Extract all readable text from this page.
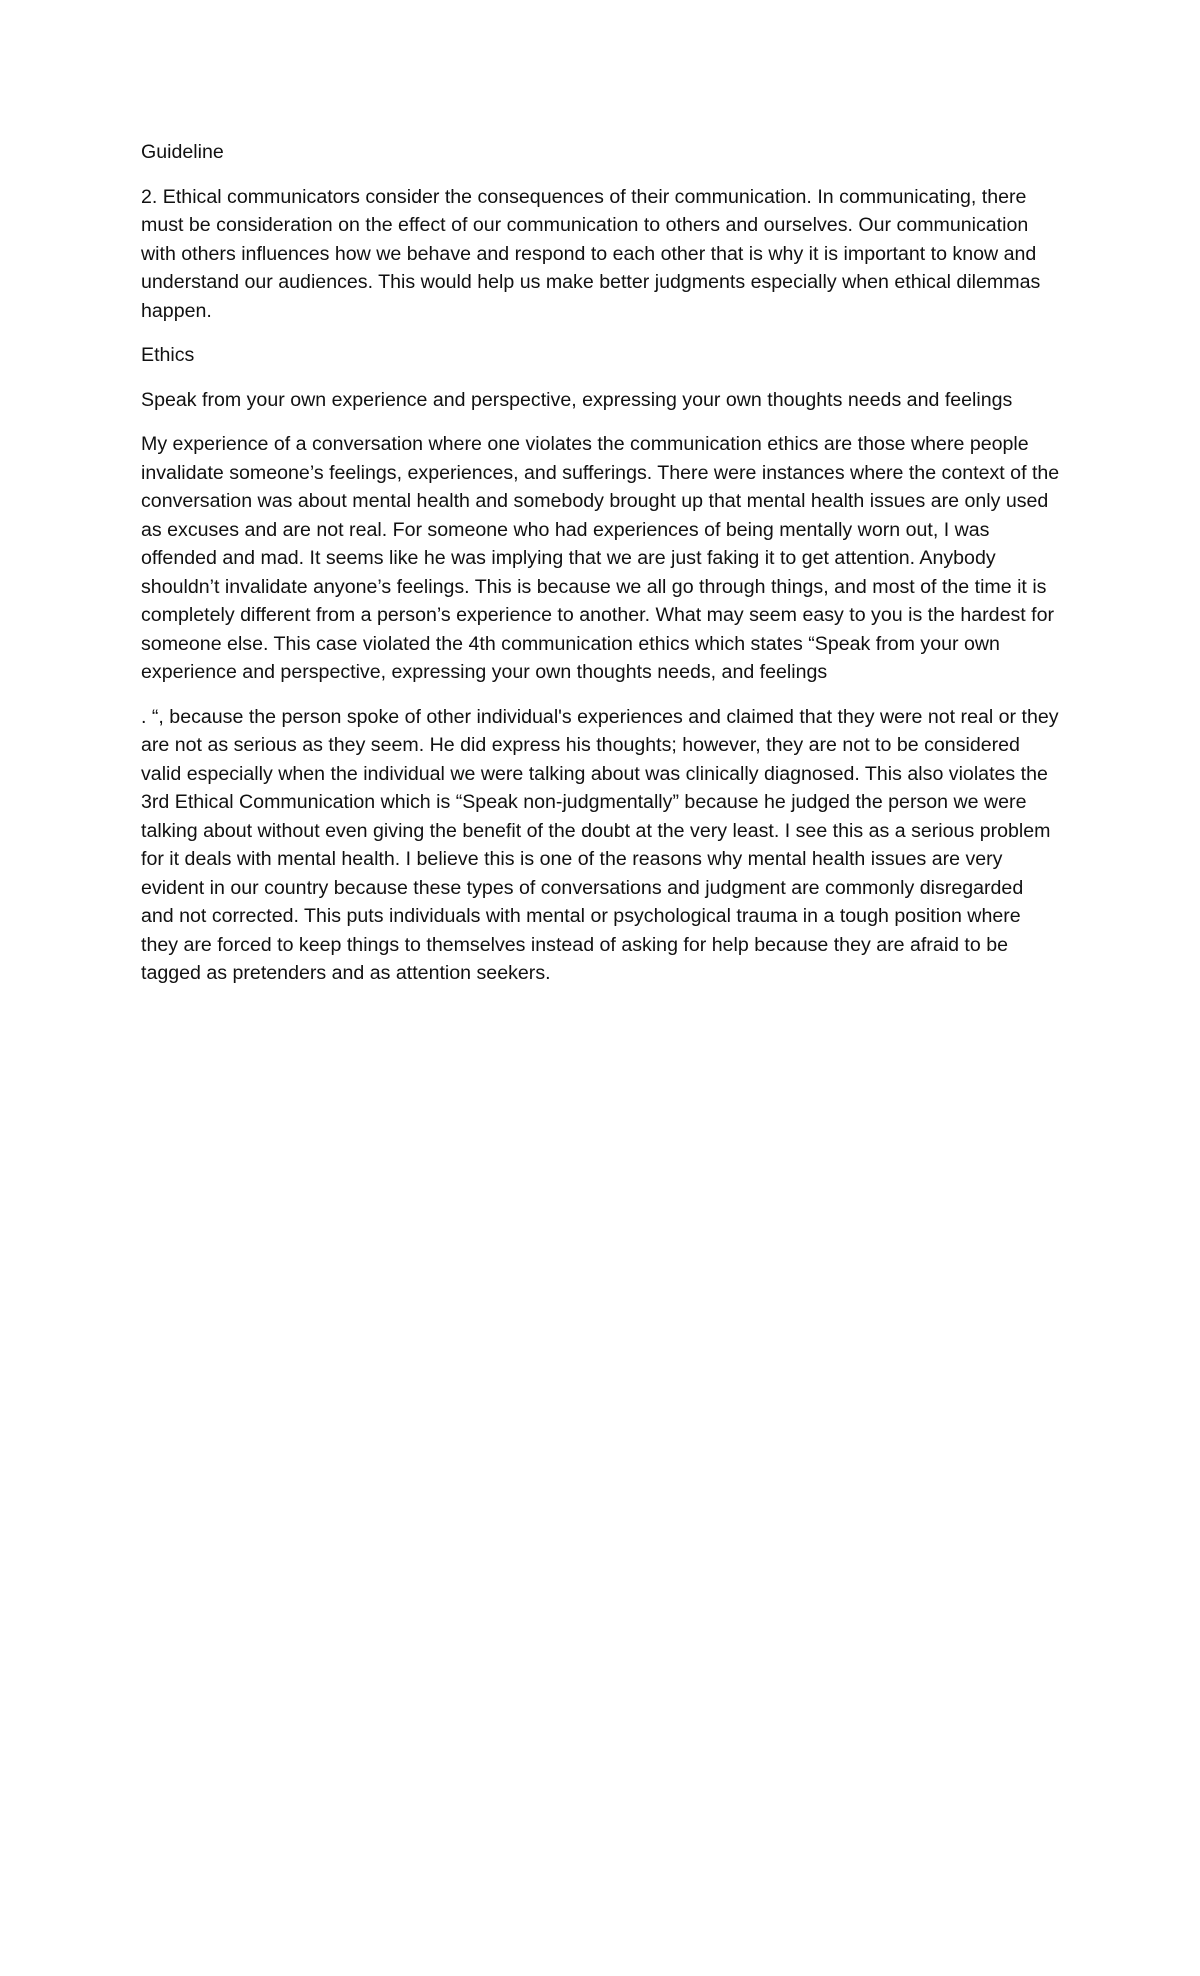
Guideline

2. Ethical communicators consider the consequences of their communication. In communicating, there must be consideration on the effect of our communication to others and ourselves. Our communication with others influences how we behave and respond to each other that is why it is important to know and understand our audiences. This would help us make better judgments especially when ethical dilemmas happen.

Ethics

Speak from your own experience and perspective, expressing your own thoughts needs and feelings

My experience of a conversation where one violates the communication ethics are those where people invalidate someone’s feelings, experiences, and sufferings. There were instances where the context of the conversation was about mental health and somebody brought up that mental health issues are only used as excuses and are not real. For someone who had experiences of being mentally worn out, I was offended and mad. It seems like he was implying that we are just faking it to get attention. Anybody shouldn’t invalidate anyone’s feelings. This is because we all go through things, and most of the time it is completely different from a person’s experience to another. What may seem easy to you is the hardest for someone else. This case violated the 4th communication ethics which states “Speak from your own experience and perspective, expressing your own thoughts needs, and feelings

. “, because the person spoke of other individual's experiences and claimed that they were not real or they are not as serious as they seem. He did express his thoughts; however, they are not to be considered valid especially when the individual we were talking about was clinically diagnosed. This also violates the 3rd Ethical Communication which is “Speak non-judgmentally” because he judged the person we were talking about without even giving the benefit of the doubt at the very least. I see this as a serious problem for it deals with mental health. I believe this is one of the reasons why mental health issues are very evident in our country because these types of conversations and judgment are commonly disregarded and not corrected. This puts individuals with mental or psychological trauma in a tough position where they are forced to keep things to themselves instead of asking for help because they are afraid to be tagged as pretenders and as attention seekers.
